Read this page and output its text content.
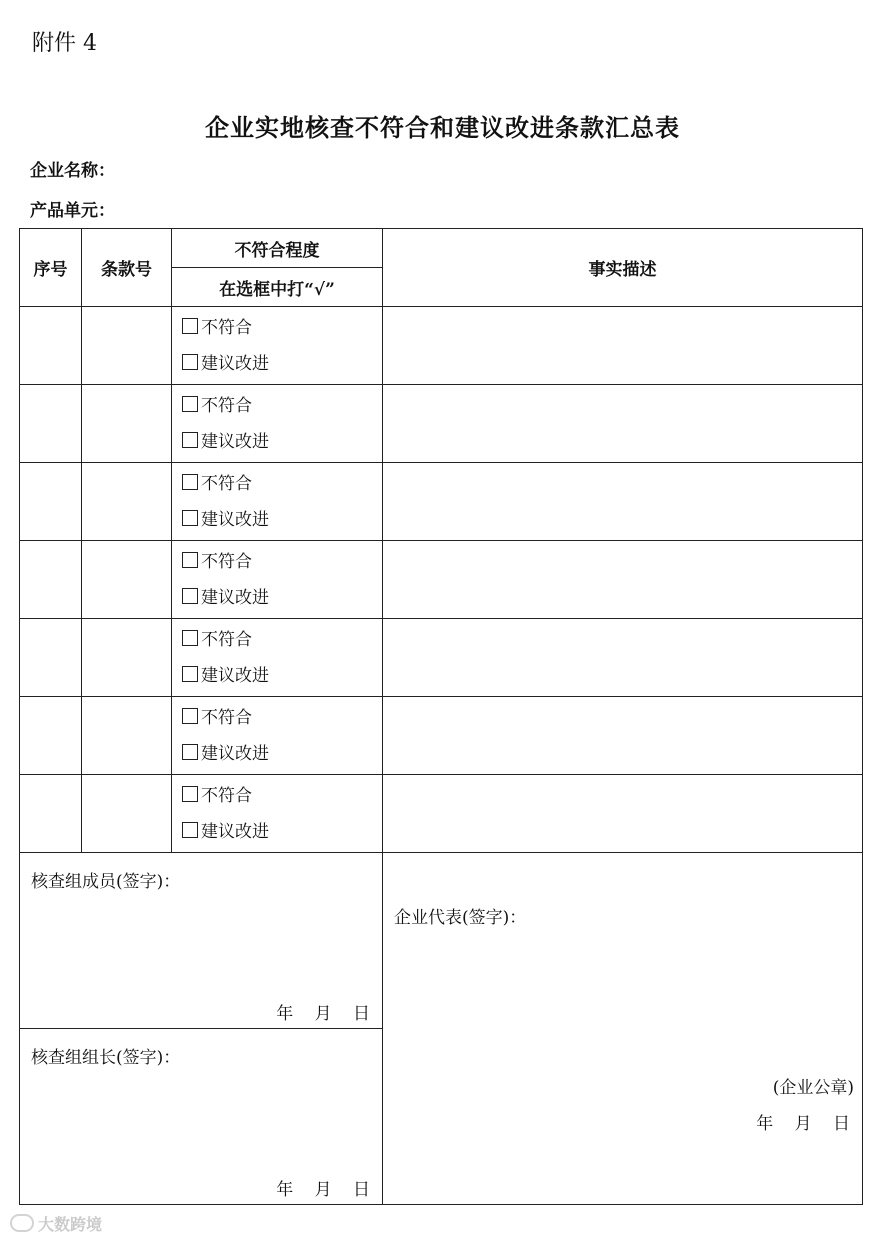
附件 4
企业实地核查不符合和建议改进条款汇总表
企业名称：
产品单元：
序号	条款号	不符合程度	事实描述
		在选框中打“√”	

		不符合
建议改进	

		不符合
建议改进	

		不符合
建议改进	

		不符合
建议改进	

		不符合
建议改进	

		不符合
建议改进	

		不符合
建议改进	

核查组成员(签字)：
年 月 日			企业代表(签字)：
(企业公章)
年 月 日

核查组组长(签字)：
年 月 日			
大数跨境
